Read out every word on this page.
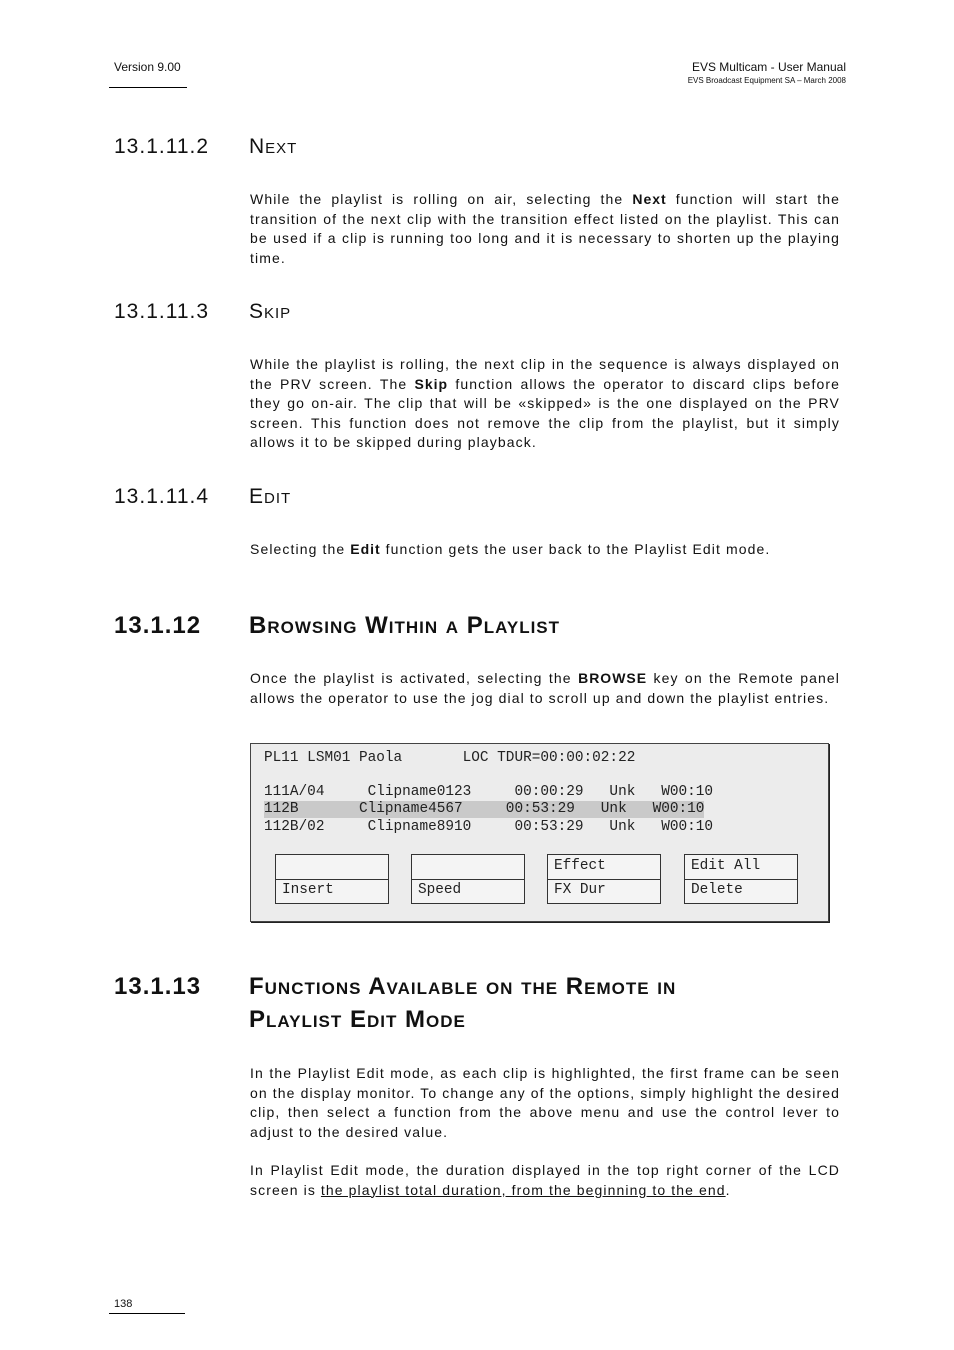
Version 9.00	EVS Multicam - User Manual
EVS Broadcast Equipment SA – March 2008
13.1.11.2 Next
While the playlist is rolling on air, selecting the Next function will start the transition of the next clip with the transition effect listed on the playlist. This can be used if a clip is running too long and it is necessary to shorten up the playing time.
13.1.11.3 Skip
While the playlist is rolling, the next clip in the sequence is always displayed on the PRV screen. The Skip function allows the operator to discard clips before they go on-air. The clip that will be «skipped» is the one displayed on the PRV screen. This function does not remove the clip from the playlist, but it simply allows it to be skipped during playback.
13.1.11.4 Edit
Selecting the Edit function gets the user back to the Playlist Edit mode.
13.1.12 Browsing Within a Playlist
Once the playlist is activated, selecting the BROWSE key on the Remote panel allows the operator to use the jog dial to scroll up and down the playlist entries.
PL11 LSM01 Paola       LOC TDUR=00:00:02:22
111A/04     Clipname0123     00:00:29   Unk   W00:10
112B       Clipname4567     00:53:29   Unk   W00:10
112B/02     Clipname8910     00:53:29   Unk   W00:10
Insert	Speed
Effect
FX Dur
Edit All
Delete
13.1.13 Functions Available on the Remote in
Playlist Edit Mode
In the Playlist Edit mode, as each clip is highlighted, the first frame can be seen on the display monitor. To change any of the options, simply highlight the desired clip, then select a function from the above menu and use the control lever to adjust to the desired value.
In Playlist Edit mode, the duration displayed in the top right corner of the LCD screen is the playlist total duration, from the beginning to the end.
138
